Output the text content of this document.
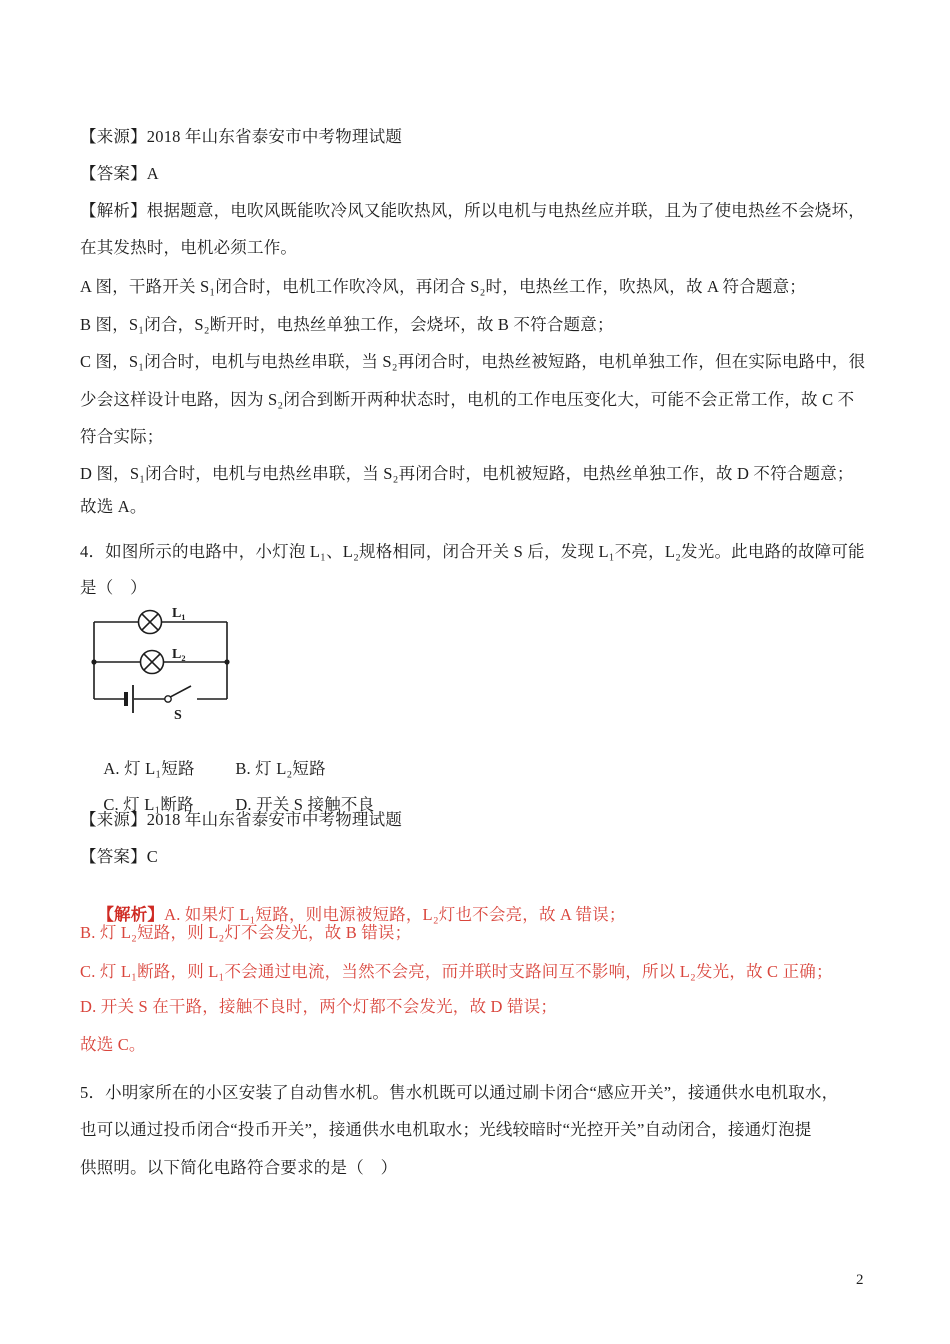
【来源】2018 年山东省泰安市中考物理试题
【答案】A
【解析】根据题意，电吹风既能吹冷风又能吹热风，所以电机与电热丝应并联，且为了使电热丝不会烧坏，
在其发热时，电机必须工作。
A 图，干路开关 S₁闭合时，电机工作吹冷风，再闭合 S₂时，电热丝工作，吹热风，故 A 符合题意；
B 图，S₁闭合，S₂断开时，电热丝单独工作，会烧坏，故 B 不符合题意；
C 图，S₁闭合时，电机与电热丝串联，当 S₂再闭合时，电热丝被短路，电机单独工作，但在实际电路中，很
少会这样设计电路，因为 S₂闭合到断开两种状态时，电机的工作电压变化大，可能不会正常工作，故 C 不
符合实际；
D 图，S₁闭合时，电机与电热丝串联，当 S₂再闭合时，电机被短路，电热丝单独工作，故 D 不符合题意；
故选 A。
4．如图所示的电路中，小灯泡 L₁、L₂规格相同，闭合开关 S 后，发现 L₁不亮，L₂发光。此电路的故障可能
是（　）
L₁
L₂
S

A. 灯 L₁短路 B. 灯 L₂短路

C. 灯 L₁断路	D. 开关 S 接触不良

【来源】2018 年山东省泰安市中考物理试题
【答案】C

【解析】A. 如果灯 L₁短路，则电源被短路，L₂灯也不会亮，故 A 错误；

B. 灯 L₂短路，则 L₂灯不会发光，故 B 错误；
C. 灯 L₁断路，则 L₁不会通过电流，当然不会亮，而并联时支路间互不影响，所以 L₂发光，故 C 正确；
D. 开关 S 在干路，接触不良时，两个灯都不会发光，故 D 错误；
故选 C。
5．小明家所在的小区安装了自动售水机。售水机既可以通过刷卡闭合“感应开关”，接通供水电机取水，
也可以通过投币闭合“投币开关”，接通供水电机取水；光线较暗时“光控开关”自动闭合，接通灯泡提
供照明。以下简化电路符合要求的是（　）
2
